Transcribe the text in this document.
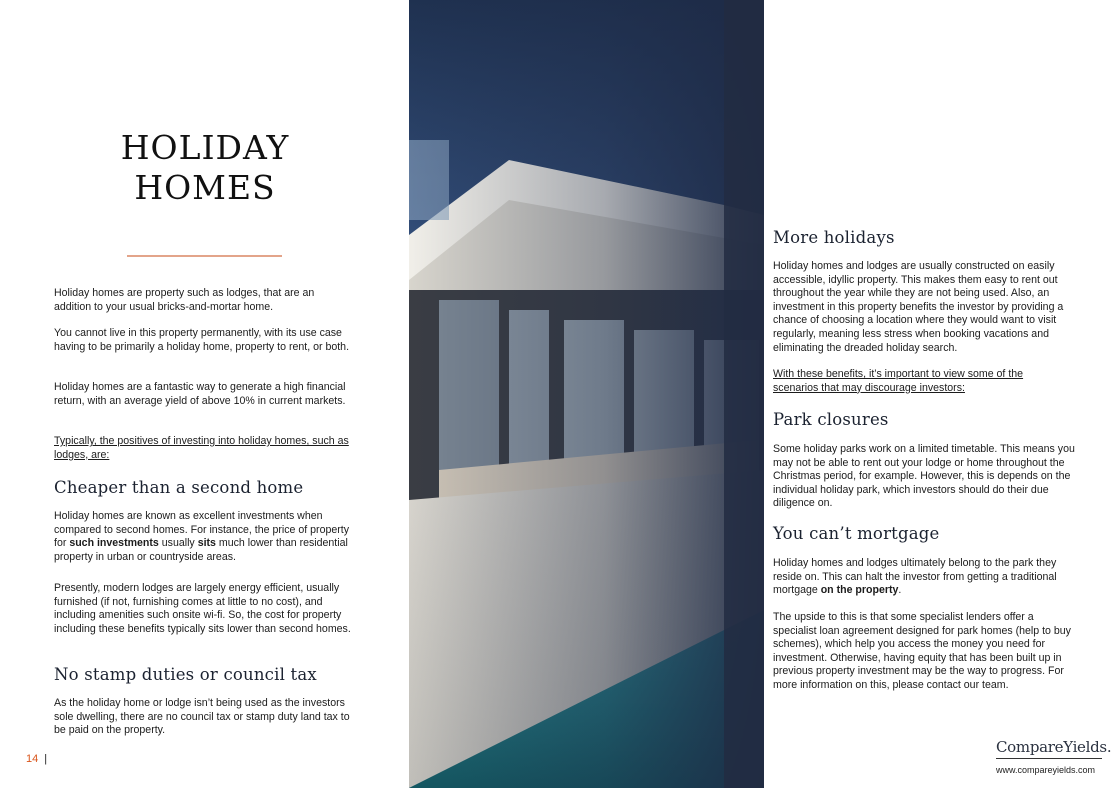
HOLIDAY
HOMES

Holiday homes are property such as lodges, that are an addition to your usual bricks-and-mortar home.

You cannot live in this property permanently, with its use case having to be primarily a holiday home, property to rent, or both.

Holiday homes are a fantastic way to generate a high financial return, with an average yield of above 10% in current markets.

Typically, the positives of investing into holiday homes, such as lodges, are:

Cheaper than a second home

Holiday homes are known as excellent investments when compared to second homes. For instance, the price of property for such investments usually sits much lower than residential property in urban or countryside areas.

Presently, modern lodges are largely energy efficient, usually furnished (if not, furnishing comes at little to no cost), and including amenities such onsite wi-fi. So, the cost for property including these benefits typically sits lower than second homes.

No stamp duties or council tax

As the holiday home or lodge isn’t being used as the investors sole dwelling, there are no council tax or stamp duty land tax to be paid on the property.

14 |
More holidays

Holiday homes and lodges are usually constructed on easily accessible, idyllic property. This makes them easy to rent out throughout the year while they are not being used. Also, an investment in this property benefits the investor by providing a chance of choosing a location where they would want to visit regularly, meaning less stress when booking vacations and eliminating the dreaded holiday search.

With these benefits, it’s important to view some of the scenarios that may discourage investors:

Park closures

Some holiday parks work on a limited timetable. This means you may not be able to rent out your lodge or home throughout the Christmas period, for example. However, this is depends on the individual holiday park, which investors should do their due diligence on.

You can’t mortgage

Holiday homes and lodges ultimately belong to the park they reside on. This can halt the investor from getting a traditional mortgage on the property.

The upside to this is that some specialist lenders offer a specialist loan agreement designed for park homes (help to buy schemes), which help you access the money you need for investment. Otherwise, having equity that has been built up in previous property investment may be the way to progress. For more information on this, please contact our team.

CompareYields.
www.compareyields.com
